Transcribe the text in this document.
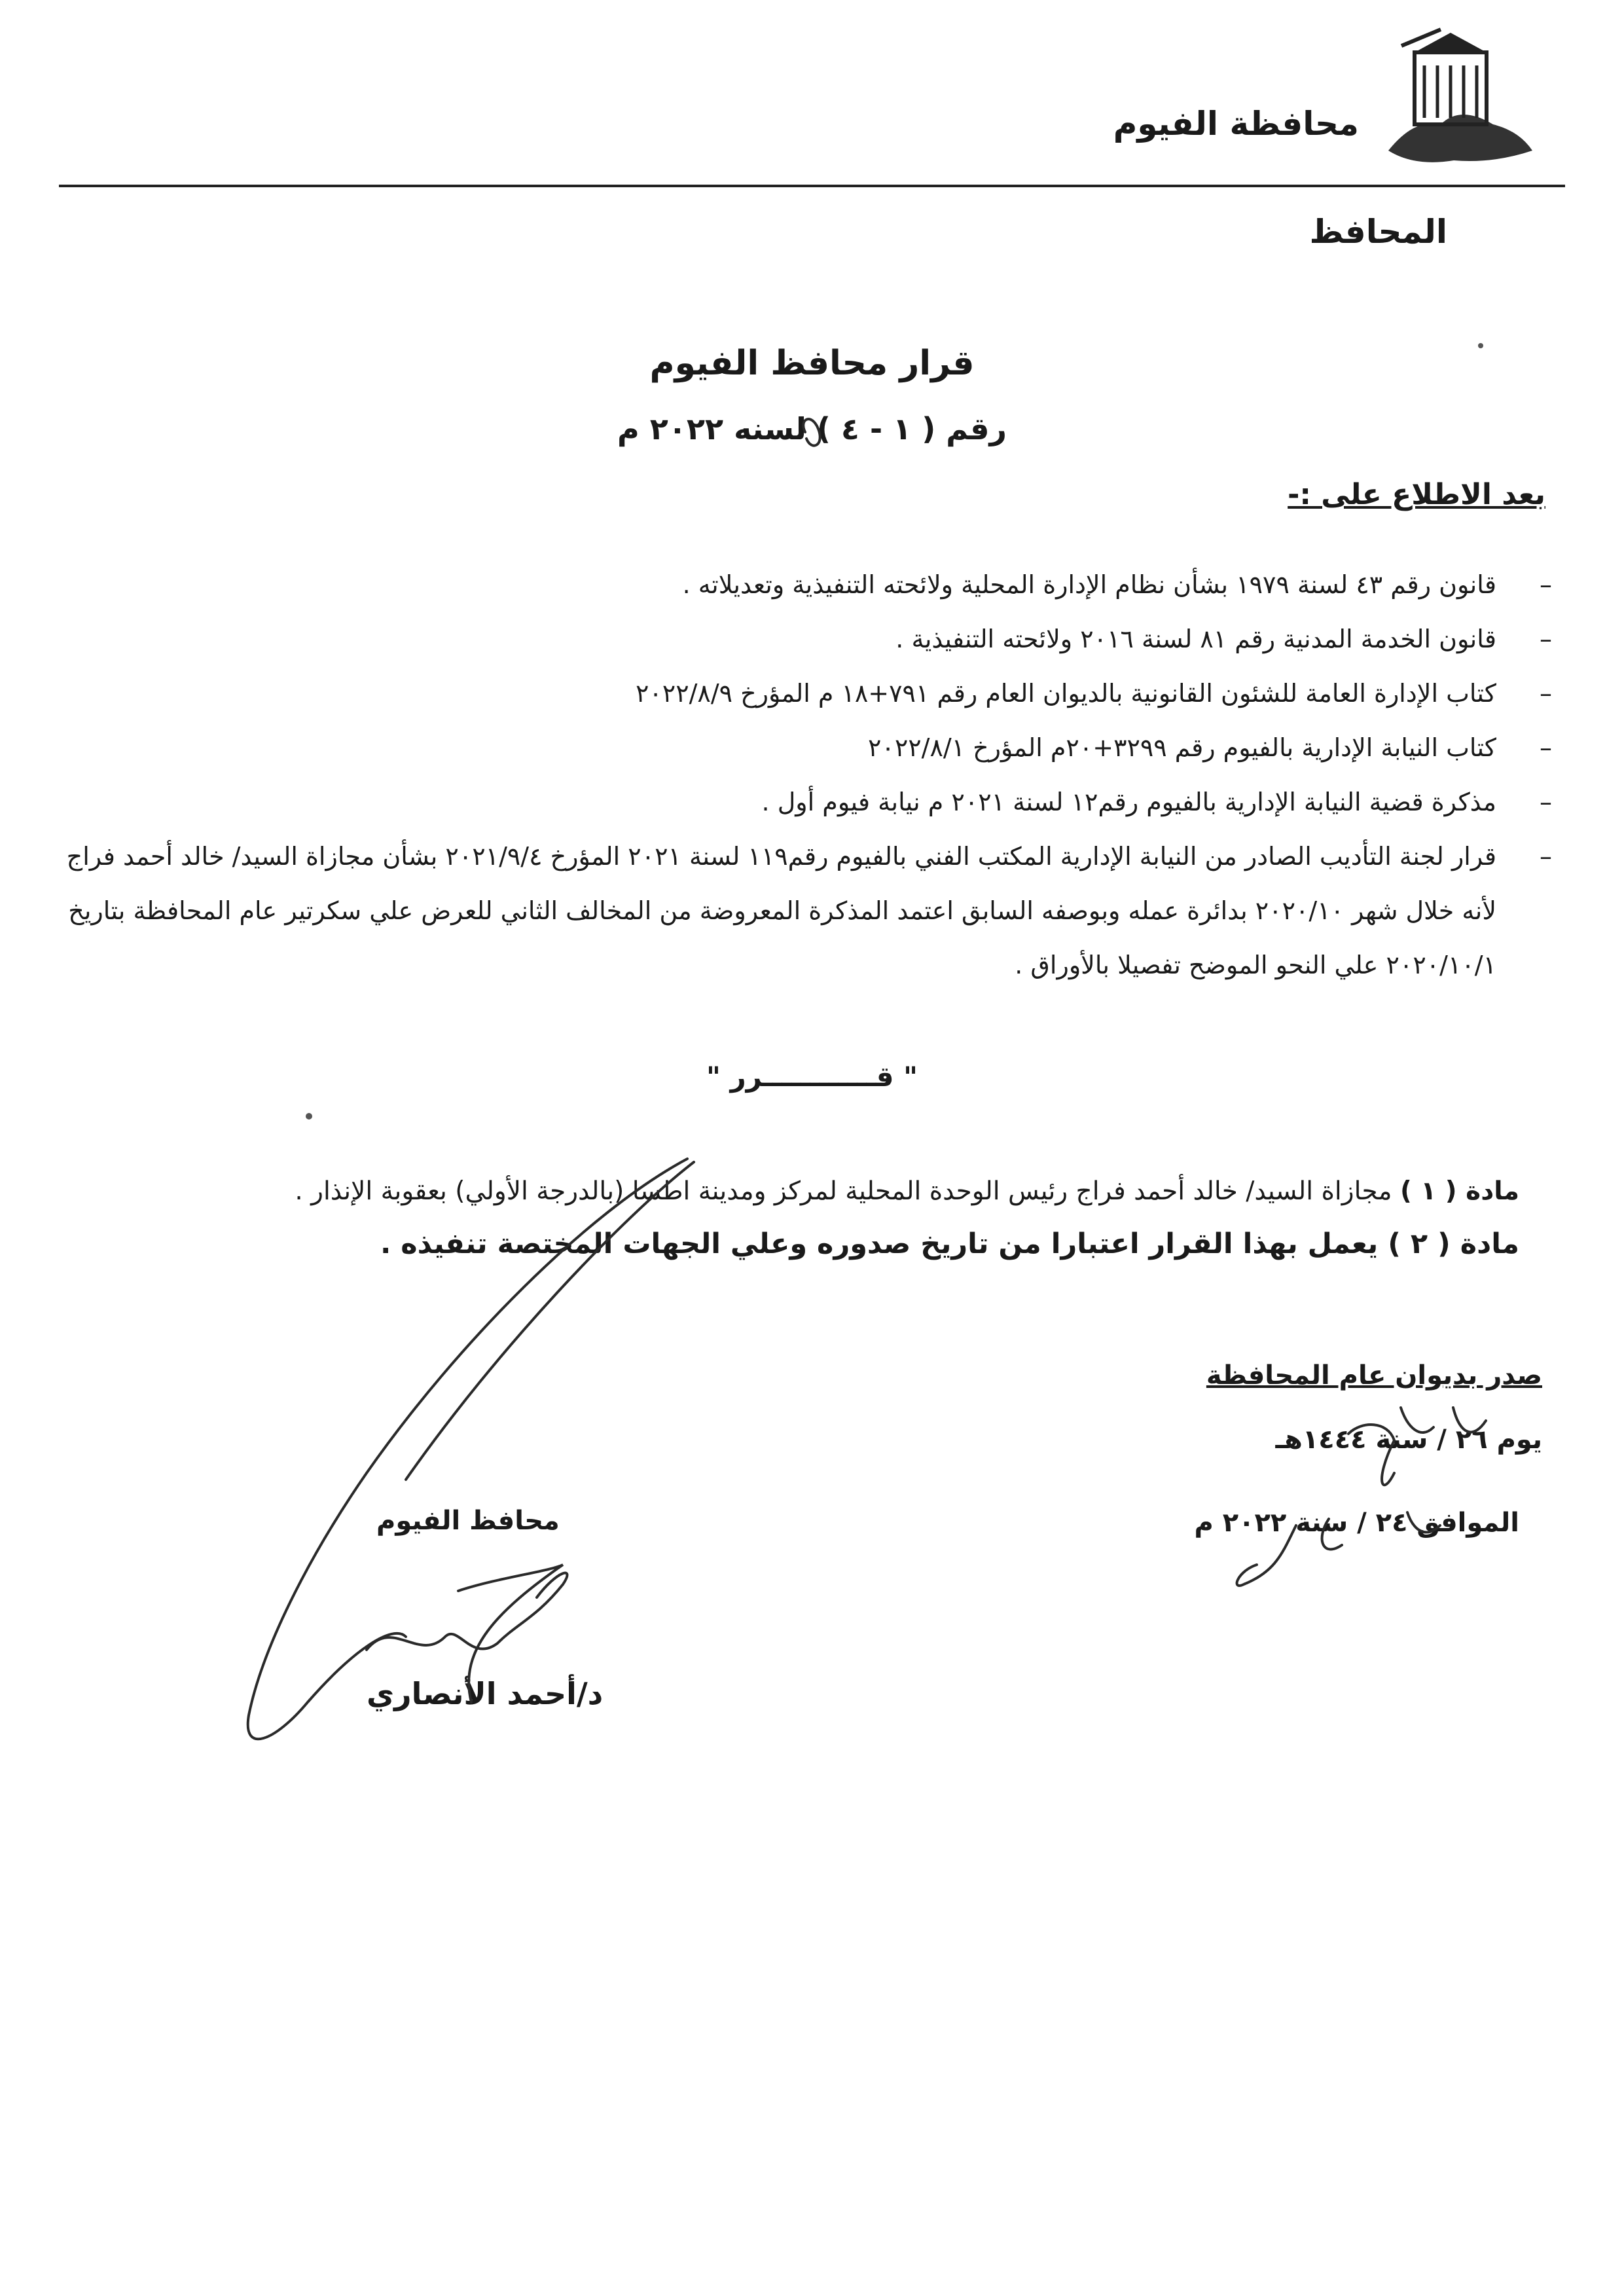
محافظة الفيوم
المحافظ
قرار محافظ الفيوم
رقم ( ١ - ٤ ) لسنه ٢٠٢٢ م
بعد الاطلاع على :-
–
قانون رقم ٤٣ لسنة ١٩٧٩ بشأن نظام الإدارة المحلية ولائحته التنفيذية وتعديلاته .
–
قانون الخدمة المدنية رقم ٨١ لسنة ٢٠١٦ ولائحته التنفيذية .
–
كتاب الإدارة العامة للشئون القانونية بالديوان العام رقم ٧٩١+١٨ م المؤرخ ٢٠٢٢/٨/٩
–
كتاب النيابة الإدارية بالفيوم رقم ٣٢٩٩+٢٠م المؤرخ ٢٠٢٢/٨/١
–
مذكرة قضية النيابة الإدارية بالفيوم رقم١٢ لسنة ٢٠٢١ م نيابة فيوم أول .
–
قرار لجنة التأديب الصادر من النيابة الإدارية المكتب الفني بالفيوم رقم١١٩ لسنة ٢٠٢١ المؤرخ ٢٠٢١/٩/٤ بشأن مجازاة السيد/ خالد أحمد فراج لأنه خلال شهر ٢٠٢٠/١٠ بدائرة عمله وبوصفه السابق اعتمد المذكرة المعروضة من المخالف الثاني للعرض علي سكرتير عام المحافظة بتاريخ ٢٠٢٠/١٠/١ علي النحو الموضح تفصيلا بالأوراق .
" قــــــــــــرر "
مادة ( ١ ) مجازاة السيد/ خالد أحمد فراج رئيس الوحدة المحلية لمركز ومدينة اطسا (بالدرجة الأولي) بعقوبة الإنذار .
مادة ( ٢ ) يعمل بهذا القرار اعتبارا من تاريخ صدوره وعلي الجهات المختصة تنفيذه .
صدر بديوان عام المحافظة
يوم ٢٦ / سنة ١٤٤٤هـ
الموافق ٢٤ / سنة ٢٠٢٢ م
محافظ الفيوم
د/أحمد الأنصاري
